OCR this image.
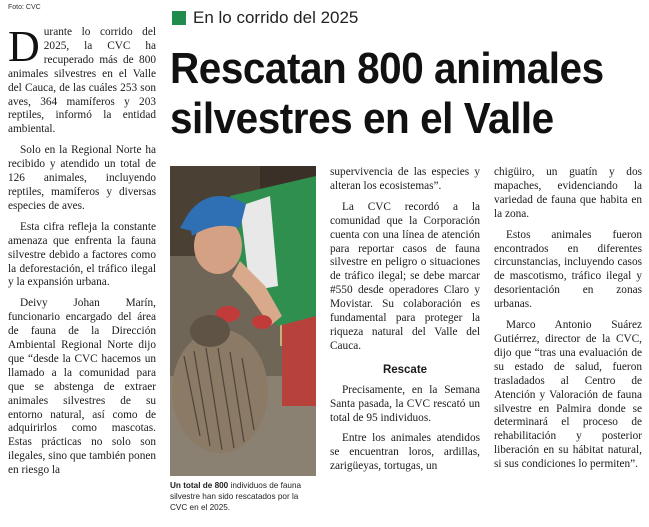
Foto: CVC
En lo corrido del 2025
Rescatan 800 animales
silvestres en el Valle

Durante lo corrido del 2025, la CVC ha recuperado más de 800 animales silvestres en el Valle del Cauca, de las cuáles 253 son aves, 364 mamíferos y 203 reptiles, informó la entidad ambiental.

Solo en la Regional Norte ha recibido y atendido un total de 126 animales, incluyendo reptiles, mamíferos y diversas especies de aves.

Esta cifra refleja la constante amenaza que enfrenta la fauna silvestre debido a factores como la deforestación, el tráfico ilegal y la expansión urbana.

Deivy Johan Marín, funcionario encargado del área de fauna de la Dirección Ambiental Regional Norte dijo que “desde la CVC hacemos un llamado a la comunidad para que se abstenga de extraer animales silvestres de su entorno natural, así como de adquirirlos como mascotas. Estas prácticas no solo son ilegales, sino que también ponen en riesgo la

Un total de 800 individuos de fauna silvestre han sido rescatados por la CVC en el 2025.

supervivencia de las especies y alteran los ecosistemas”.

La CVC recordó a la comunidad que la Corporación cuenta con una línea de atención para reportar casos de fauna silvestre en peligro o situaciones de tráfico ilegal; se debe marcar #550 desde operadores Claro y Movistar. Su colaboración es fundamental para proteger la riqueza natural del Valle del Cauca.

Rescate

Precisamente, en la Semana Santa pasada, la CVC rescató un total de 95 individuos.

Entre los animales atendidos se encuentran loros, ardillas, zarigüeyas, tortugas, un

chigüiro, un guatín y dos mapaches, evidenciando la variedad de fauna que habita en la zona.

Estos animales fueron encontrados en diferentes circunstancias, incluyendo casos de mascotismo, tráfico ilegal y desorientación en zonas urbanas.

Marco Antonio Suárez Gutiérrez, director de la CVC, dijo que “tras una evaluación de su estado de salud, fueron trasladados al Centro de Atención y Valoración de fauna silvestre en Palmira donde se determinará el proceso de rehabilitación y posterior liberación en su hábitat natural, si sus condiciones lo permiten”.
